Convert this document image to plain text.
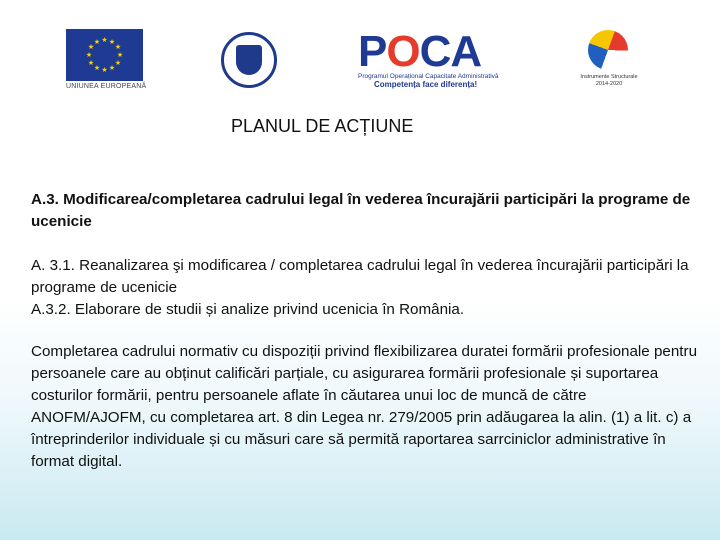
★ ★
★
★
★
★
★
★
★
★
★
★
UNIUNEA EUROPEANĂ
POCA
Programul Operațional Capacitate Administrativă
Competența face diferența!
Instrumente Structurale
2014-2020
PLANUL DE ACȚIUNE
A.3. Modificarea/completarea cadrului legal în vederea încurajării participări la programe de ucenicie
A. 3.1. Reanalizarea şi modificarea / completarea cadrului legal în vederea încurajării participări la programe de ucenicie
A.3.2. Elaborare de studii și analize privind ucenicia în România.
Completarea cadrului normativ cu dispoziții privind flexibilizarea duratei formării profesionale pentru persoanele care au obținut calificări parțiale, cu asigurarea formării profesionale și suportarea costurilor formării, pentru persoanele aflate în căutarea unui loc de muncă de către ANOFM/AJOFM, cu completarea art. 8 din Legea nr. 279/2005 prin adăugarea la alin. (1) a lit. c) a întreprinderilor individuale și cu măsuri care să permită raportarea sarrciniclor administrative în format digital.
